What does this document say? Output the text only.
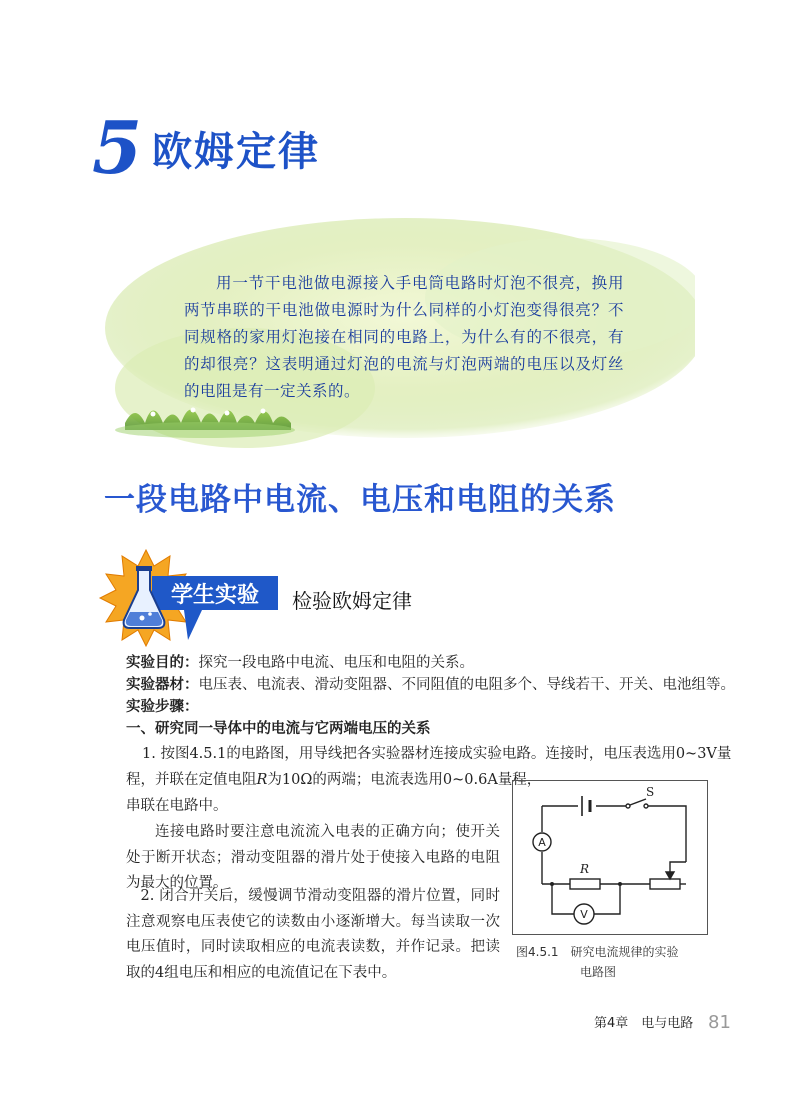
5 欧姆定律
用一节干电池做电源接入手电筒电路时灯泡不很亮，换用两节串联的干电池做电源时为什么同样的小灯泡变得很亮？不同规格的家用灯泡接在相同的电路上，为什么有的不很亮，有的却很亮？这表明通过灯泡的电流与灯泡两端的电压以及灯丝的电阻是有一定关系的。
一段电路中电流、电压和电阻的关系
学生实验	检验欧姆定律
实验目的：探究一段电路中电流、电压和电阻的关系。
实验器材：电压表、电流表、滑动变阻器、不同阻值的电阻多个、导线若干、开关、电池组等。
实验步骤：
一、研究同一导体中的电流与它两端电压的关系
1. 按图4.5.1的电路图，用导线把各实验器材连接成实验电路。连接时，电压表选用0~3V量
程，并联在定值电阻R为10Ω的两端；电流表选用0~0.6A量程，
串联在电路中。
连接电路时要注意电流流入电表的正确方向；使开关处于断开状态；滑动变阻器的滑片处于使接入电路的电阻为最大的位置。
2. 闭合开关后，缓慢调节滑动变阻器的滑片位置，同时注意观察电压表使它的读数由小逐渐增大。每当读取一次电压值时，同时读取相应的电流表读数，并作记录。把读取的4组电压和相应的电流值记在下表中。
S
A
R
V
图4.5.1　研究电流规律的实验
电路图
第4章　电与电路 81
